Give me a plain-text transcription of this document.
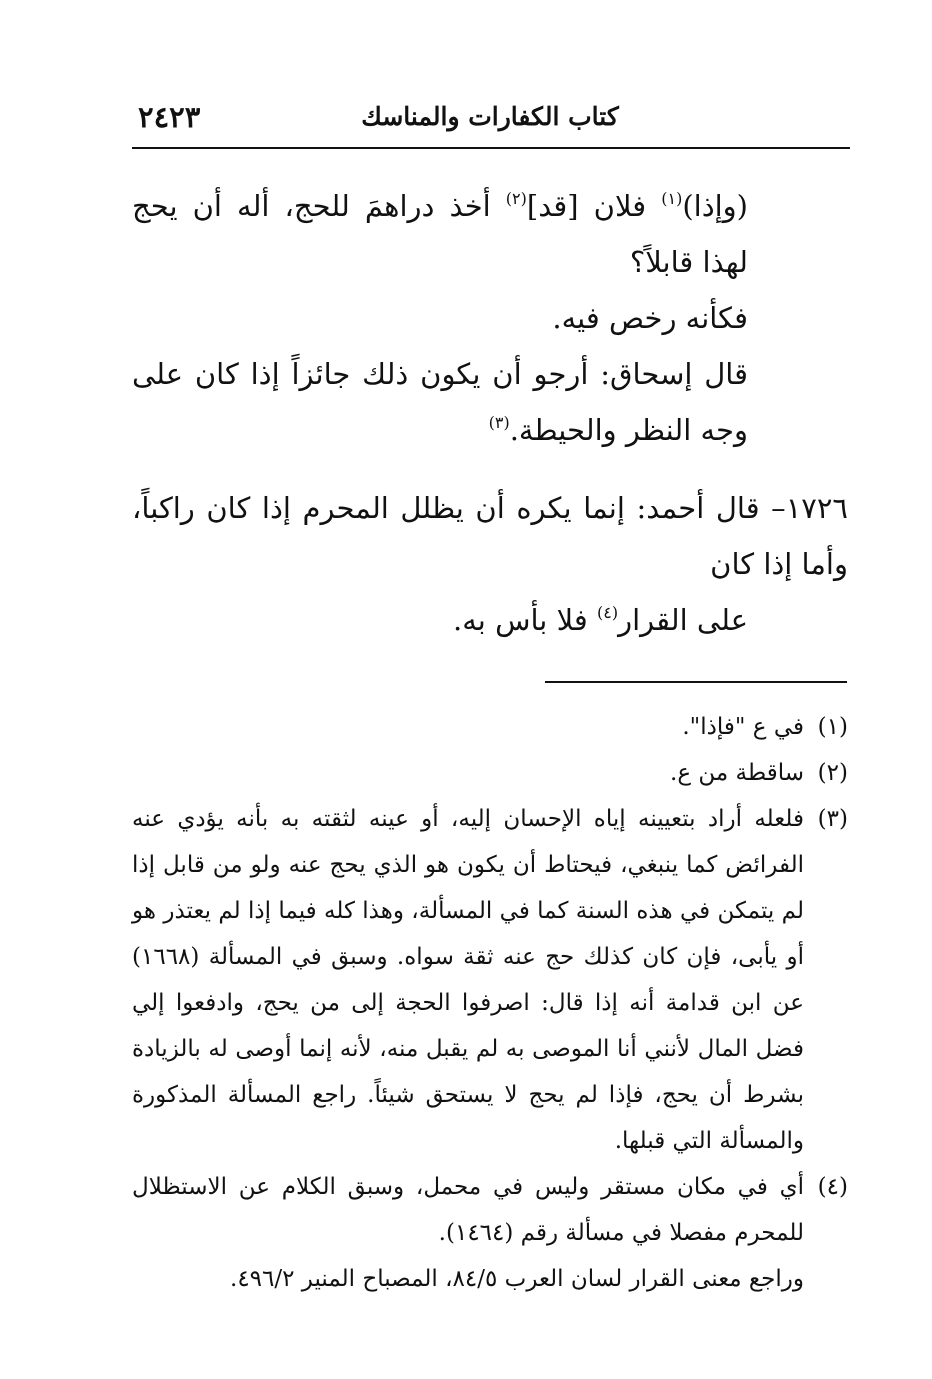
٢٤٢٣	كتاب الكفارات والمناسك

(وإذا)$^{(١)}$ فلان [قد]$^{(٢)}$ أخذ دراهمَ للحج، أله أن يحج لهذا قابلاً؟

فكأنه رخص فيه.

قال إسحاق: أرجو أن يكون ذلك جائزاً إذا كان على وجه النظر والحيطة.$^{(٣)}$

١٧٢٦– قال أحمد: إنما يكره أن يظلل المحرم إذا كان راكباً، وأما إذا كان
على القرار$^{(٤)}$ فلا بأس به.

(١)
في ع "فإذا".

(٢)
ساقطة من ع.

(٣)
فلعله أراد بتعيينه إياه الإحسان إليه، أو عينه لثقته به بأنه يؤدي عنه الفرائض كما ينبغي، فيحتاط أن يكون هو الذي يحج عنه ولو من قابل إذا لم يتمكن في هذه السنة كما في المسألة، وهذا كله فيما إذا لم يعتذر هو أو يأبى، فإن كان كذلك حج عنه ثقة سواه. وسبق في المسألة (١٦٦٨) عن ابن قدامة أنه إذا قال: اصرفوا الحجة إلى من يحج، وادفعوا إلي فضل المال لأنني أنا الموصى به لم يقبل منه، لأنه إنما أوصى له بالزيادة بشرط أن يحج، فإذا لم يحج لا يستحق شيئاً. راجع المسألة المذكورة والمسألة التي قبلها.

(٤)
أي في مكان مستقر وليس في محمل، وسبق الكلام عن الاستظلال للمحرم مفصلا في مسألة رقم (١٤٦٤).

وراجع معنى القرار لسان العرب ٨٤/٥، المصباح المنير ٤٩٦/٢.
